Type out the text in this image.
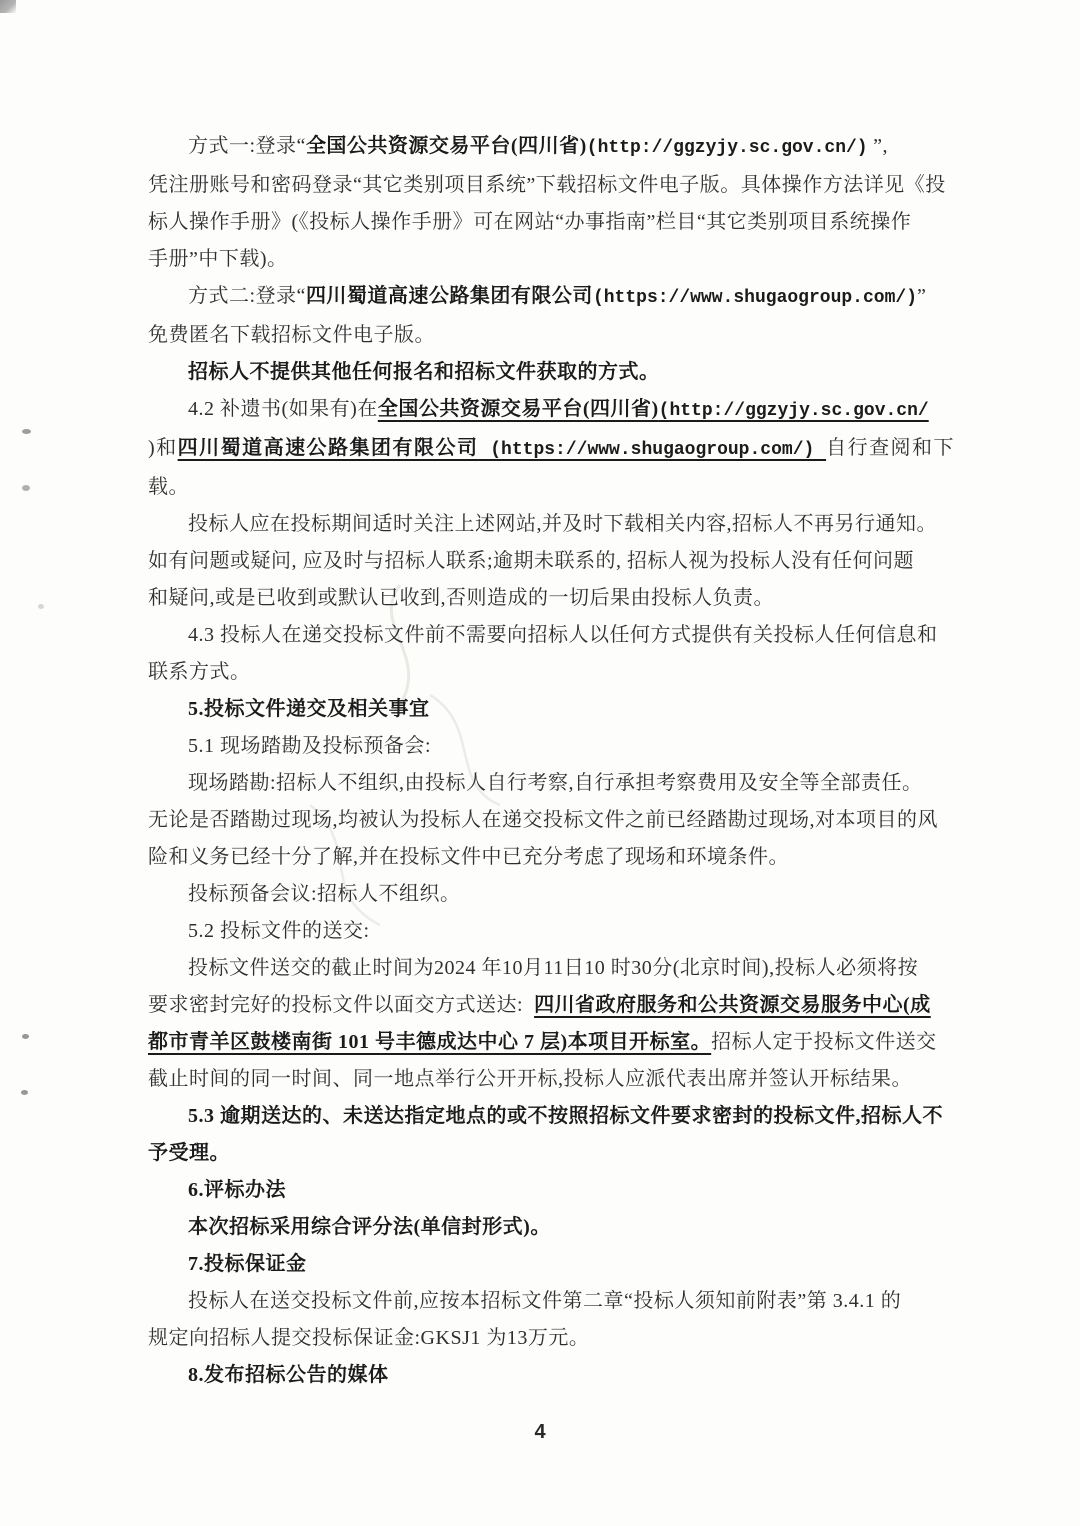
方式一:登录“全国公共资源交易平台(四川省)(http://ggzyjy.sc.gov.cn/) ”,
凭注册账号和密码登录“其它类别项目系统”下载招标文件电子版。具体操作方法详见《投
标人操作手册》(《投标人操作手册》可在网站“办事指南”栏目“其它类别项目系统操作
手册”中下载)。
方式二:登录“四川蜀道高速公路集团有限公司(https://www.shugaogroup.com/)”
免费匿名下载招标文件电子版。
招标人不提供其他任何报名和招标文件获取的方式。
4.2 补遗书(如果有)在全国公共资源交易平台(四川省)(http://ggzyjy.sc.gov.cn/
)和四川蜀道高速公路集团有限公司 (https://www.shugaogroup.com/) 自行查阅和下载。
投标人应在投标期间适时关注上述网站,并及时下载相关内容,招标人不再另行通知。
如有问题或疑问, 应及时与招标人联系;逾期未联系的, 招标人视为投标人没有任何问题
和疑问,或是已收到或默认已收到,否则造成的一切后果由投标人负责。
4.3 投标人在递交投标文件前不需要向招标人以任何方式提供有关投标人任何信息和
联系方式。
5.投标文件递交及相关事宜
5.1 现场踏勘及投标预备会:
现场踏勘:招标人不组织,由投标人自行考察,自行承担考察费用及安全等全部责任。
无论是否踏勘过现场,均被认为投标人在递交投标文件之前已经踏勘过现场,对本项目的风
险和义务已经十分了解,并在投标文件中已充分考虑了现场和环境条件。
投标预备会议:招标人不组织。
5.2 投标文件的送交:
投标文件送交的截止时间为2024 年10月11日10 时30分(北京时间),投标人必须将按
要求密封完好的投标文件以面交方式送达:  四川省政府服务和公共资源交易服务中心(成
都市青羊区鼓楼南街 101 号丰德成达中心 7 层)本项目开标室。招标人定于投标文件送交
截止时间的同一时间、同一地点举行公开开标,投标人应派代表出席并签认开标结果。
5.3 逾期送达的、未送达指定地点的或不按照招标文件要求密封的投标文件,招标人不
予受理。
6.评标办法
本次招标采用综合评分法(单信封形式)。
7.投标保证金
投标人在送交投标文件前,应按本招标文件第二章“投标人须知前附表”第 3.4.1 的
规定向招标人提交投标保证金:GKSJ1 为13万元。
8.发布招标公告的媒体
4
